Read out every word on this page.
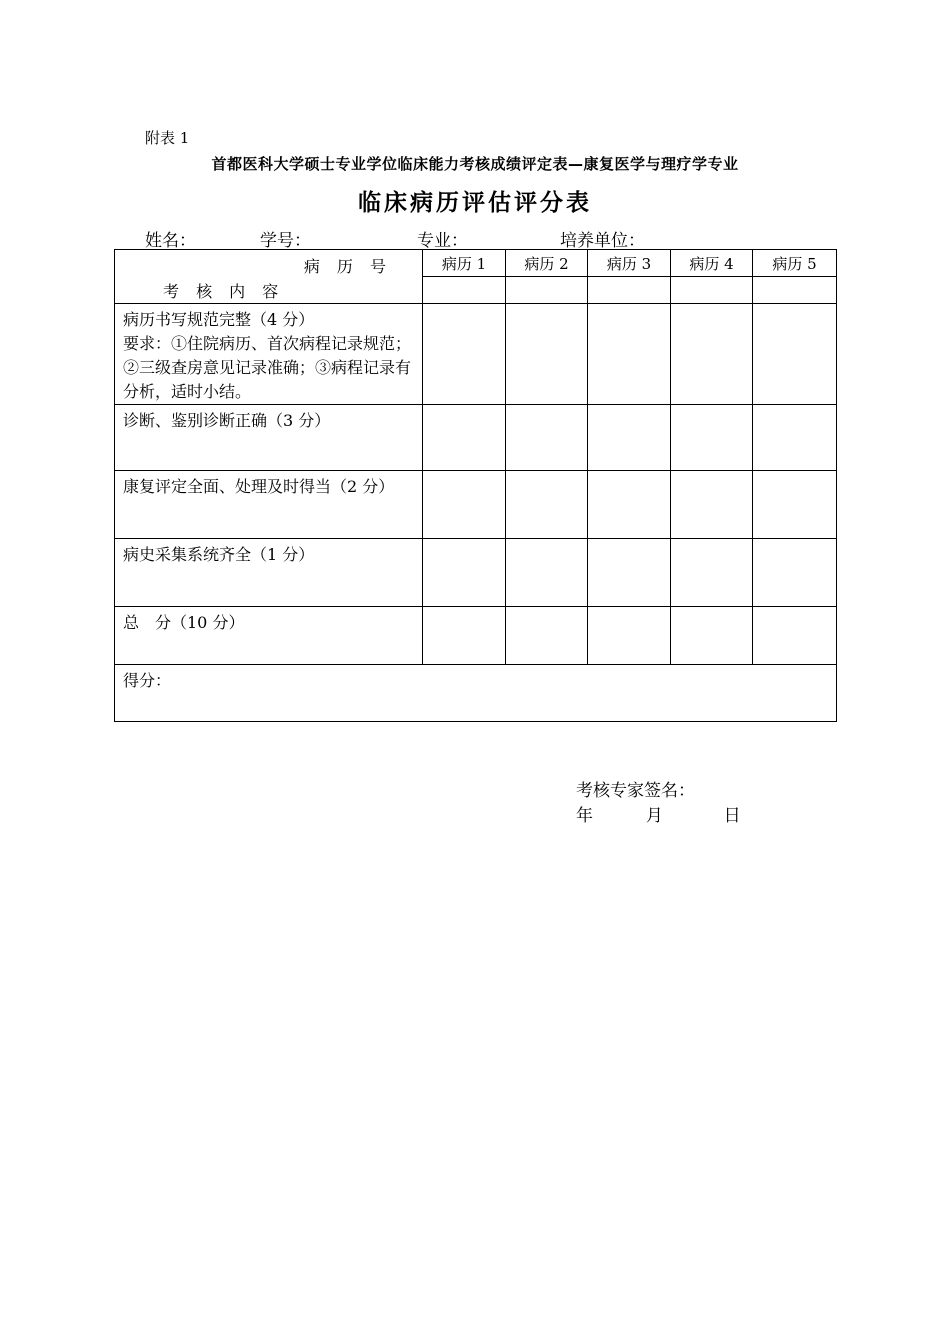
附表 1
首都医科大学硕士专业学位临床能力考核成绩评定表—康复医学与理疗学专业
临床病历评估评分表
姓名：	学号：	专业：	培养单位：
病 历 号
考 核 内 容	病历 1	病历 2	病历 3	病历 4	病历 5

病历书写规范完整（4 分）
要求：①住院病历、首次病程记录规范；②三级查房意见记录准确；③病程记录有分析，适时小结。					

诊断、鉴别诊断正确（3 分）					

康复评定全面、处理及时得当（2 分）					

病史采集系统齐全（1 分）					

总　分（10 分）					

得分：					
考核专家签名：
年	月	日
